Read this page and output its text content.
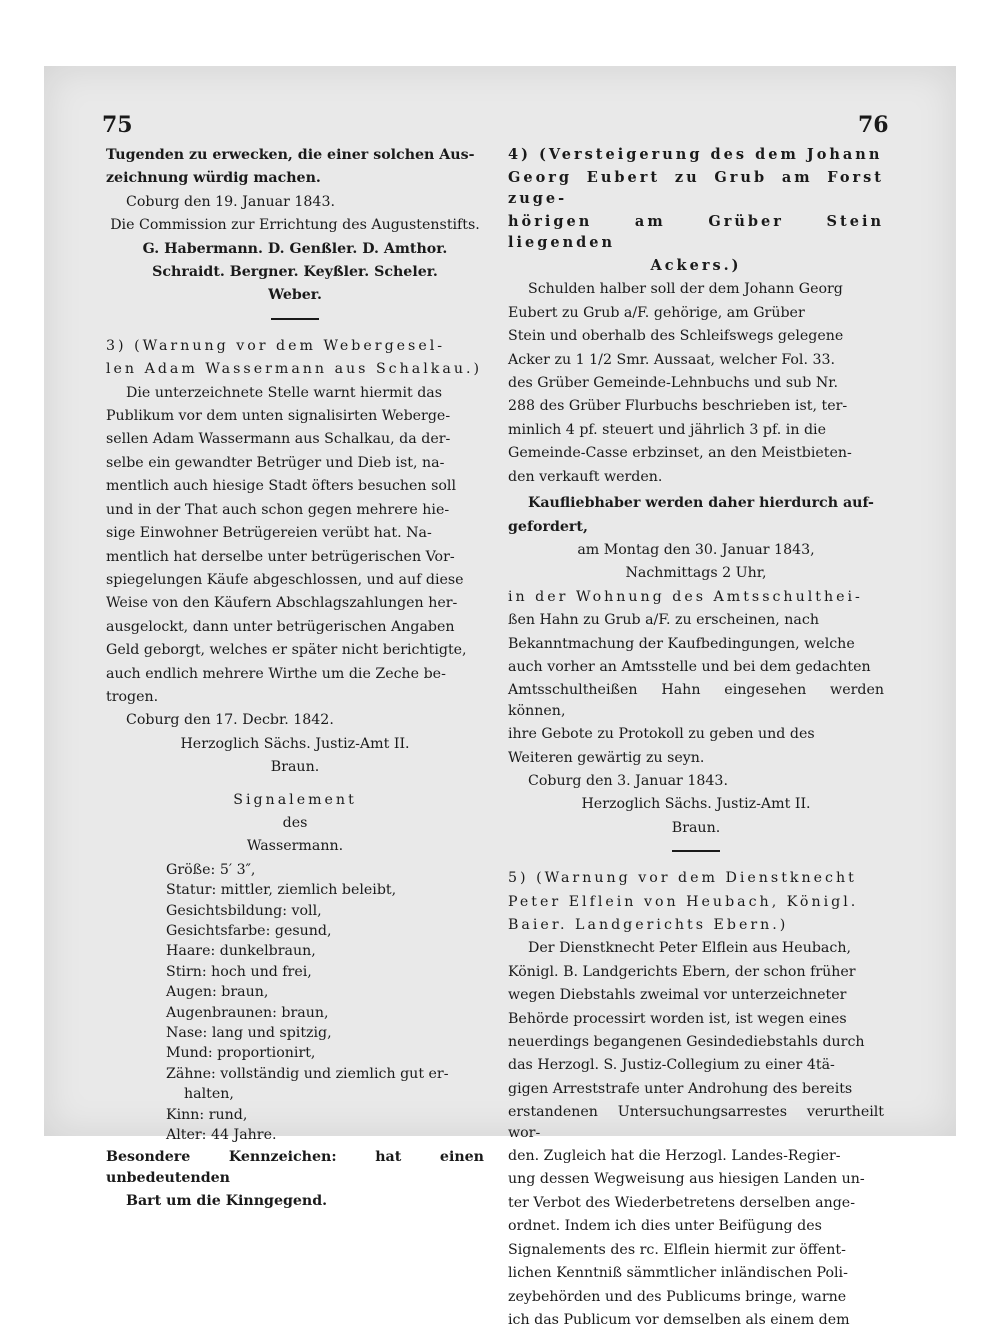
75	76

Tugenden zu erwecken, die einer solchen Aus-

zeichnung würdig machen.

Coburg den 19. Januar 1843.

Die Commission zur Errichtung des Augustenstifts.

G. Habermann. D. Genßler. D. Amthor.

Schraidt. Bergner. Keyßler. Scheler.

Weber.

3) (Warnung vor dem Webergesel-

len Adam Wassermann aus Schalkau.)

Die unterzeichnete Stelle warnt hiermit das

Publikum vor dem unten signalisirten Weberge-

sellen Adam Wassermann aus Schalkau, da der-

selbe ein gewandter Betrüger und Dieb ist, na-

mentlich auch hiesige Stadt öfters besuchen soll

und in der That auch schon gegen mehrere hie-

sige Einwohner Betrügereien verübt hat. Na-

mentlich hat derselbe unter betrügerischen Vor-

spiegelungen Käufe abgeschlossen, und auf diese

Weise von den Käufern Abschlagszahlungen her-

ausgelockt, dann unter betrügerischen Angaben

Geld geborgt, welches er später nicht berichtigte,

auch endlich mehrere Wirthe um die Zeche be-

trogen.

Coburg den 17. Decbr. 1842.

Herzoglich Sächs. Justiz-Amt II.

Braun.

Signalement

des

Wassermann.

Größe: 5′ 3″,
Statur: mittler, ziemlich beleibt,
Gesichtsbildung: voll,
Gesichtsfarbe: gesund,
Haare: dunkelbraun,
Stirn: hoch und frei,
Augen: braun,
Augenbraunen: braun,
Nase: lang und spitzig,
Mund: proportionirt,
Zähne: vollständig und ziemlich gut er-
halten,
Kinn: rund,
Alter: 44 Jahre.

Besondere Kennzeichen: hat einen unbedeutenden

Bart um die Kinngegend.

4) (Versteigerung des dem Johann

Georg Eubert zu Grub am Forst zuge-

hörigen am Grüber Stein liegenden

Ackers.)

Schulden halber soll der dem Johann Georg

Eubert zu Grub a/F. gehörige, am Grüber

Stein und oberhalb des Schleifswegs gelegene

Acker zu 1 1/2 Smr. Aussaat, welcher Fol. 33.

des Grüber Gemeinde-Lehnbuchs und sub Nr.

288 des Grüber Flurbuchs beschrieben ist, ter-

minlich 4 pf. steuert und jährlich 3 pf. in die

Gemeinde-Casse erbzinset, an den Meistbieten-

den verkauft werden.

Kaufliebhaber werden daher hierdurch auf-

gefordert,

am Montag den 30. Januar 1843,

Nachmittags 2 Uhr,

in der Wohnung des Amtsschulthei-

ßen Hahn zu Grub a/F. zu erscheinen, nach

Bekanntmachung der Kaufbedingungen, welche

auch vorher an Amtsstelle und bei dem gedachten

Amtsschultheißen Hahn eingesehen werden können,

ihre Gebote zu Protokoll zu geben und des

Weiteren gewärtig zu seyn.

Coburg den 3. Januar 1843.

Herzoglich Sächs. Justiz-Amt II.

Braun.

5) (Warnung vor dem Dienstknecht

Peter Elflein von Heubach, Königl.

Baier. Landgerichts Ebern.)

Der Dienstknecht Peter Elflein aus Heubach,

Königl. B. Landgerichts Ebern, der schon früher

wegen Diebstahls zweimal vor unterzeichneter

Behörde processirt worden ist, ist wegen eines

neuerdings begangenen Gesindediebstahls durch

das Herzogl. S. Justiz-Collegium zu einer 4tä-

gigen Arreststrafe unter Androhung des bereits

erstandenen Untersuchungsarrestes verurtheilt wor-

den. Zugleich hat die Herzogl. Landes-Regier-

ung dessen Wegweisung aus hiesigen Landen un-

ter Verbot des Wiederbetretens derselben ange-

ordnet. Indem ich dies unter Beifügung des

Signalements des rc. Elflein hiermit zur öffent-

lichen Kenntniß sämmtlicher inländischen Poli-

zeybehörden und des Publicums bringe, warne

ich das Publicum vor demselben als einem dem
